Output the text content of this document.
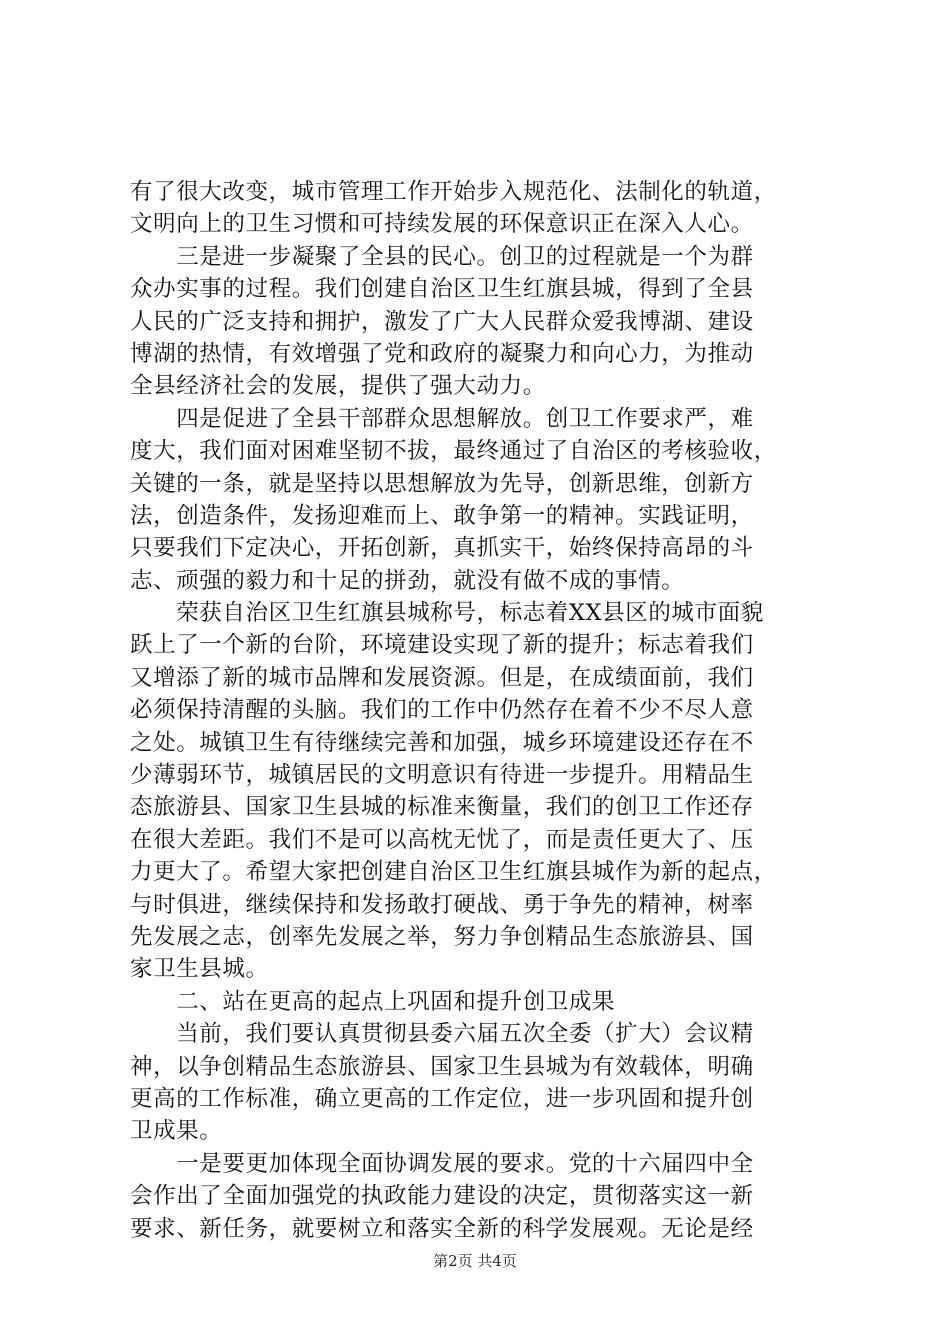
有了很大改变，城市管理工作开始步入规范化、法制化的轨道，
文明向上的卫生习惯和可持续发展的环保意识正在深入人心。
　　三是进一步凝聚了全县的民心。创卫的过程就是一个为群
众办实事的过程。我们创建自治区卫生红旗县城，得到了全县
人民的广泛支持和拥护，激发了广大人民群众爱我博湖、建设
博湖的热情，有效增强了党和政府的凝聚力和向心力，为推动
全县经济社会的发展，提供了强大动力。
　　四是促进了全县干部群众思想解放。创卫工作要求严，难
度大，我们面对困难坚韧不拔，最终通过了自治区的考核验收，
关键的一条，就是坚持以思想解放为先导，创新思维，创新方
法，创造条件，发扬迎难而上、敢争第一的精神。实践证明，
只要我们下定决心，开拓创新，真抓实干，始终保持高昂的斗
志、顽强的毅力和十足的拼劲，就没有做不成的事情。
　　荣获自治区卫生红旗县城称号，标志着XX县区的城市面貌
跃上了一个新的台阶，环境建设实现了新的提升；标志着我们
又增添了新的城市品牌和发展资源。但是，在成绩面前，我们
必须保持清醒的头脑。我们的工作中仍然存在着不少不尽人意
之处。城镇卫生有待继续完善和加强，城乡环境建设还存在不
少薄弱环节，城镇居民的文明意识有待进一步提升。用精品生
态旅游县、国家卫生县城的标准来衡量，我们的创卫工作还存
在很大差距。我们不是可以高枕无忧了，而是责任更大了、压
力更大了。希望大家把创建自治区卫生红旗县城作为新的起点，
与时俱进，继续保持和发扬敢打硬战、勇于争先的精神，树率
先发展之志，创率先发展之举，努力争创精品生态旅游县、国
家卫生县城。
　　二、站在更高的起点上巩固和提升创卫成果
　　当前，我们要认真贯彻县委六届五次全委（扩大）会议精
神，以争创精品生态旅游县、国家卫生县城为有效载体，明确
更高的工作标准，确立更高的工作定位，进一步巩固和提升创
卫成果。
　　一是要更加体现全面协调发展的要求。党的十六届四中全
会作出了全面加强党的执政能力建设的决定，贯彻落实这一新
要求、新任务，就要树立和落实全新的科学发展观。无论是经
第2页 共4页
